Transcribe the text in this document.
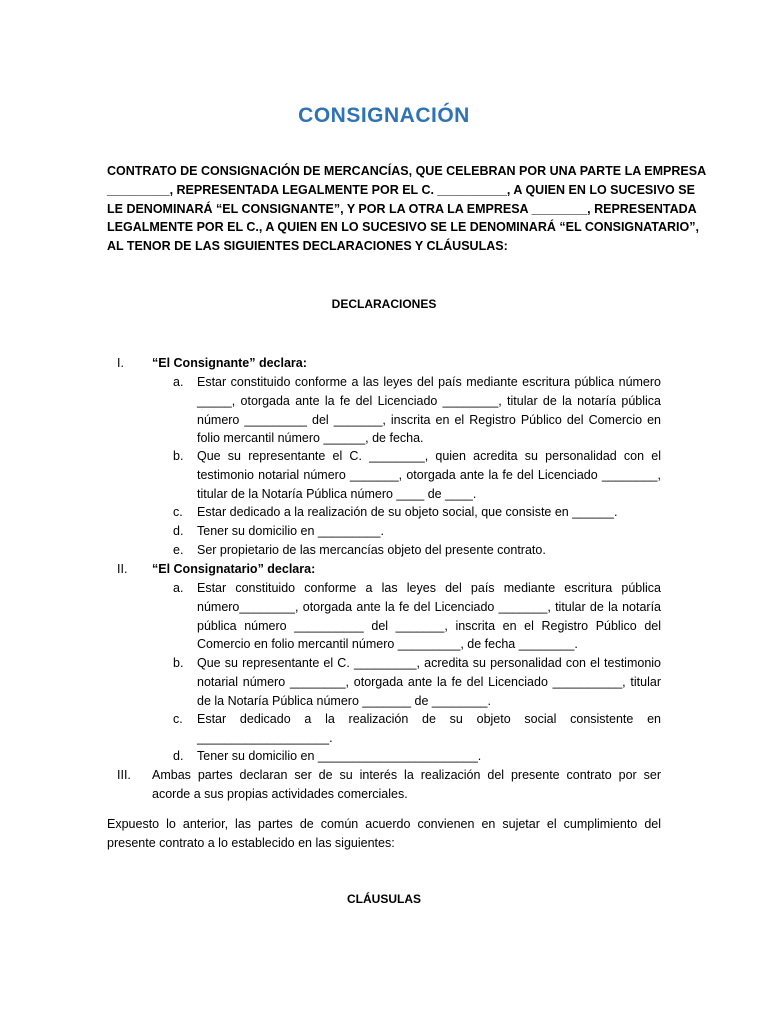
CONSIGNACIÓN
CONTRATO DE CONSIGNACIÓN DE MERCANCÍAS, QUE CELEBRAN POR UNA PARTE LA EMPRESA
_________, REPRESENTADA LEGALMENTE POR EL C. __________, A QUIEN EN LO SUCESIVO SE
LE DENOMINARÁ “EL CONSIGNANTE”, Y POR LA OTRA LA EMPRESA ________, REPRESENTADA
LEGALMENTE POR EL C., A QUIEN EN LO SUCESIVO SE LE DENOMINARÁ “EL CONSIGNATARIO”,
AL TENOR DE LAS SIGUIENTES DECLARACIONES Y CLÁUSULAS:
DECLARACIONES
I. “El Consignante” declara:
a. Estar constituido conforme a las leyes del país mediante escritura pública número
_____, otorgada ante la fe del Licenciado ________, titular de la notaría pública
número _________ del _______, inscrita en el Registro Público del Comercio en
folio mercantil número ______, de fecha.
b. Que su representante el C. ________, quien acredita su personalidad con el
testimonio notarial número _______, otorgada ante la fe del Licenciado ________,
titular de la Notaría Pública número ____ de ____.
c. Estar dedicado a la realización de su objeto social, que consiste en ______.
d. Tener su domicilio en _________.
e. Ser propietario de las mercancías objeto del presente contrato.
II. “El Consignatario” declara:
a. Estar constituido conforme a las leyes del país mediante escritura pública
número________, otorgada ante la fe del Licenciado _______, titular de la notaría
pública número __________ del _______, inscrita en el Registro Público del
Comercio en folio mercantil número _________, de fecha ________.
b. Que su representante el C. _________, acredita su personalidad con el testimonio
notarial número ________, otorgada ante la fe del Licenciado __________, titular
de la Notaría Pública número _______ de ________.
c. Estar dedicado a la realización de su objeto social consistente en
___________________.
d. Tener su domicilio en _______________________.
III. Ambas partes declaran ser de su interés la realización del presente contrato por ser
acorde a sus propias actividades comerciales.
Expuesto lo anterior, las partes de común acuerdo convienen en sujetar el cumplimiento del
presente contrato a lo establecido en las siguientes:
CLÁUSULAS
